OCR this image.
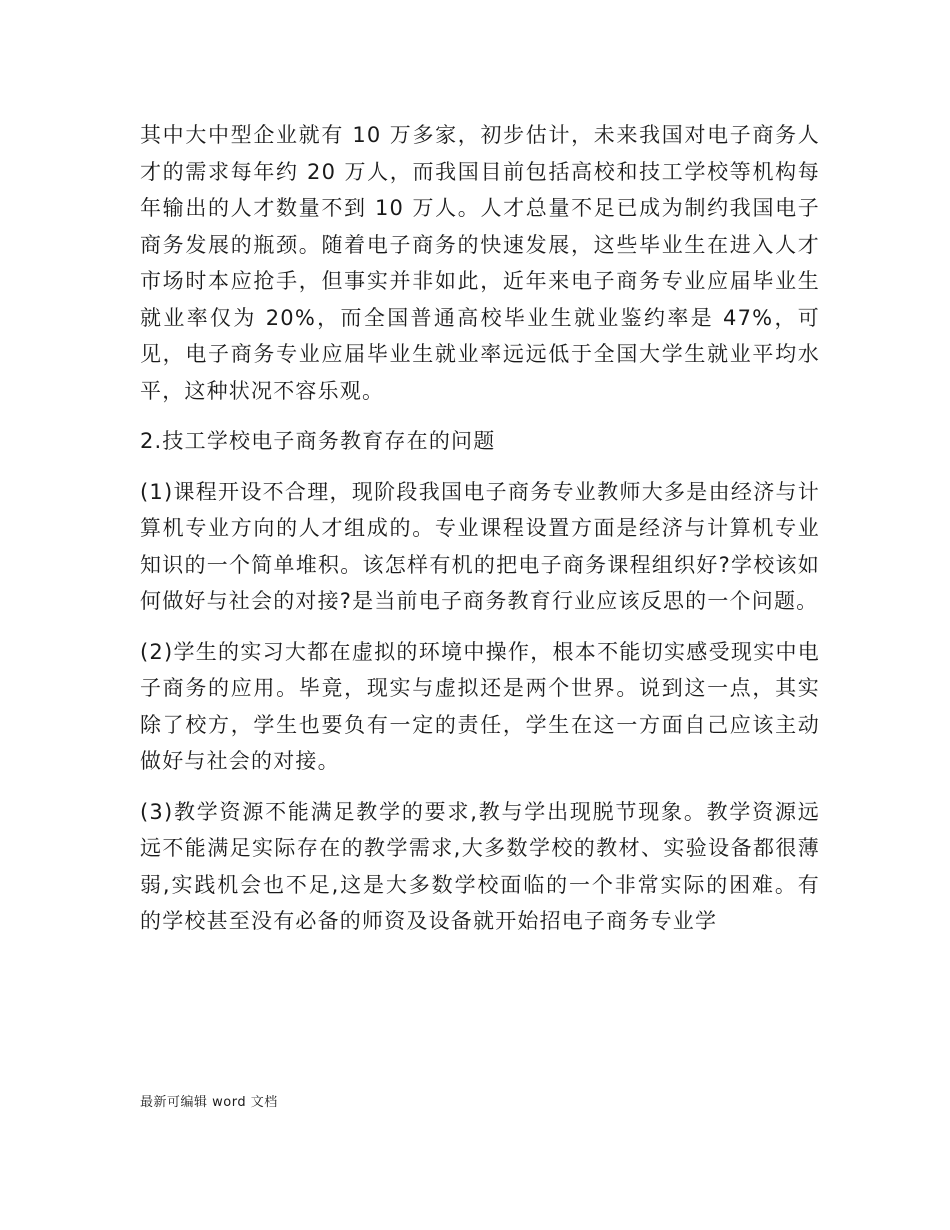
其中大中型企业就有 10 万多家，初步估计，未来我国对电子商务人才的需求每年约 20 万人，而我国目前包括高校和技工学校等机构每年输出的人才数量不到 10 万人。人才总量不足已成为制约我国电子商务发展的瓶颈。随着电子商务的快速发展，这些毕业生在进入人才市场时本应抢手，但事实并非如此，近年来电子商务专业应届毕业生就业率仅为 20%，而全国普通高校毕业生就业鉴约率是 47%，可见，电子商务专业应届毕业生就业率远远低于全国大学生就业平均水平，这种状况不容乐观。

2.技工学校电子商务教育存在的问题

(1)课程开设不合理，现阶段我国电子商务专业教师大多是由经济与计算机专业方向的人才组成的。专业课程设置方面是经济与计算机专业知识的一个简单堆积。该怎样有机的把电子商务课程组织好?学校该如何做好与社会的对接?是当前电子商务教育行业应该反思的一个问题。

(2)学生的实习大都在虚拟的环境中操作，根本不能切实感受现实中电子商务的应用。毕竟，现实与虚拟还是两个世界。说到这一点，其实除了校方，学生也要负有一定的责任，学生在这一方面自己应该主动做好与社会的对接。

(3)教学资源不能满足教学的要求,教与学出现脱节现象。教学资源远远不能满足实际存在的教学需求,大多数学校的教材、实验设备都很薄弱,实践机会也不足,这是大多数学校面临的一个非常实际的困难。有的学校甚至没有必备的师资及设备就开始招电子商务专业学

最新可编辑 word 文档
